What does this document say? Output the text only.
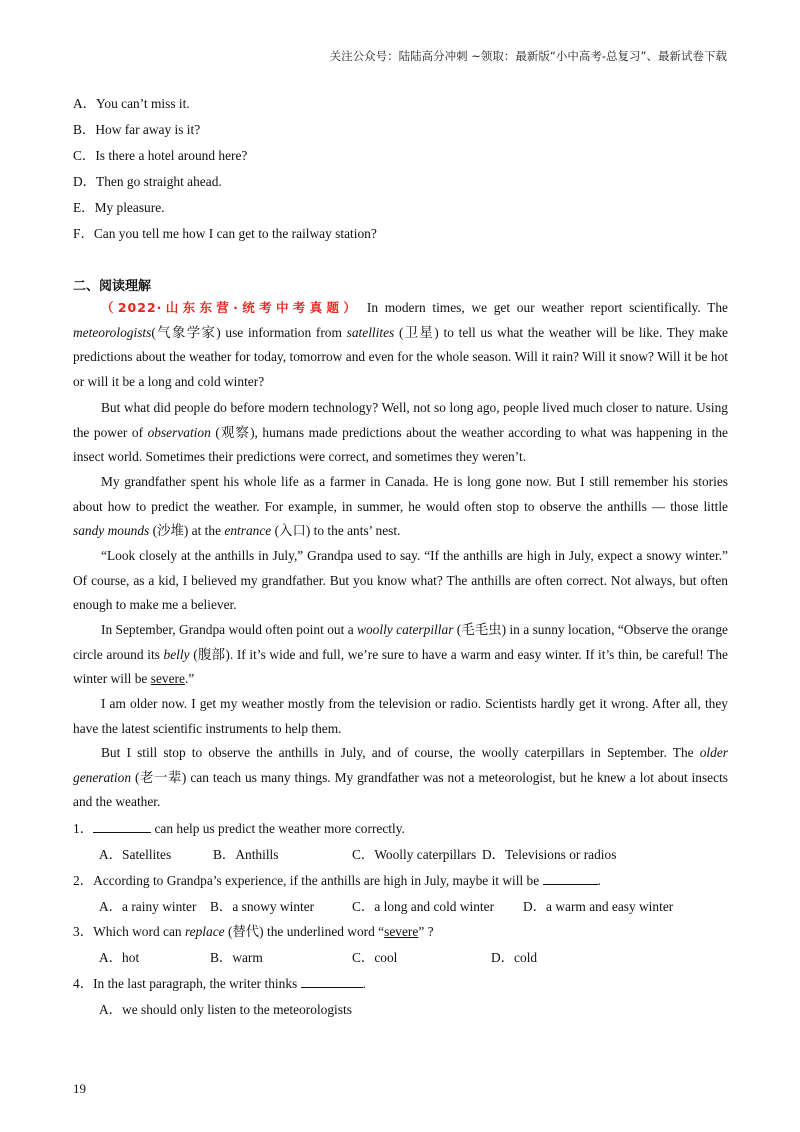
关注公众号：陆陆高分冲刺 ~领取：最新版“小中高考-总复习”、最新试卷下载
A．You can’t miss it.
B．How far away is it?
C．Is there a hotel around here?
D．Then go straight ahead.
E．My pleasure.
F．Can you tell me how I can get to the railway station?
二、阅读理解
（2022·山东东营·统考中考真题） In modern times, we get our weather report scientifically. The meteorologists(气象学家) use information from satellites (卫星) to tell us what the weather will be like. They make predictions about the weather for today, tomorrow and even for the whole season. Will it rain? Will it snow? Will it be hot or will it be a long and cold winter?
But what did people do before modern technology? Well, not so long ago, people lived much closer to nature. Using the power of observation (观察), humans made predictions about the weather according to what was happening in the insect world. Sometimes their predictions were correct, and sometimes they weren’t.
My grandfather spent his whole life as a farmer in Canada. He is long gone now. But I still remember his stories about how to predict the weather. For example, in summer, he would often stop to observe the anthills — those little sandy mounds (沙堆) at the entrance (入口) to the ants’ nest.
“Look closely at the anthills in July,” Grandpa used to say. “If the anthills are high in July, expect a snowy winter.” Of course, as a kid, I believed my grandfather. But you know what? The anthills are often correct. Not always, but often enough to make me a believer.
In September, Grandpa would often point out a woolly caterpillar (毛毛虫) in a sunny location, “Observe the orange circle around its belly (腹部). If it’s wide and full, we’re sure to have a warm and easy winter. If it’s thin, be careful! The winter will be severe.”
I am older now. I get my weather mostly from the television or radio. Scientists hardly get it wrong. After all, they have the latest scientific instruments to help them.
But I still stop to observe the anthills in July, and of course, the woolly caterpillars in September. The older generation (老一辈) can teach us many things. My grandfather was not a meteorologist, but he knew a lot about insects and the weather.
1．	can help us predict the weather more correctly.
A．Satellites	B．Anthills	C．Woolly caterpillars D．Televisions or radios
2．According to Grandpa’s experience, if the anthills are high in July, maybe it will be	.
A．a rainy winter B．a snowy winter	C．a long and cold winter D．a warm and easy winter
3．Which word can replace (替代) the underlined word “severe” ?
A．hot	B．warm	C．cool	D．cold
4．In the last paragraph, the writer thinks	.
A．we should only listen to the meteorologists
19
